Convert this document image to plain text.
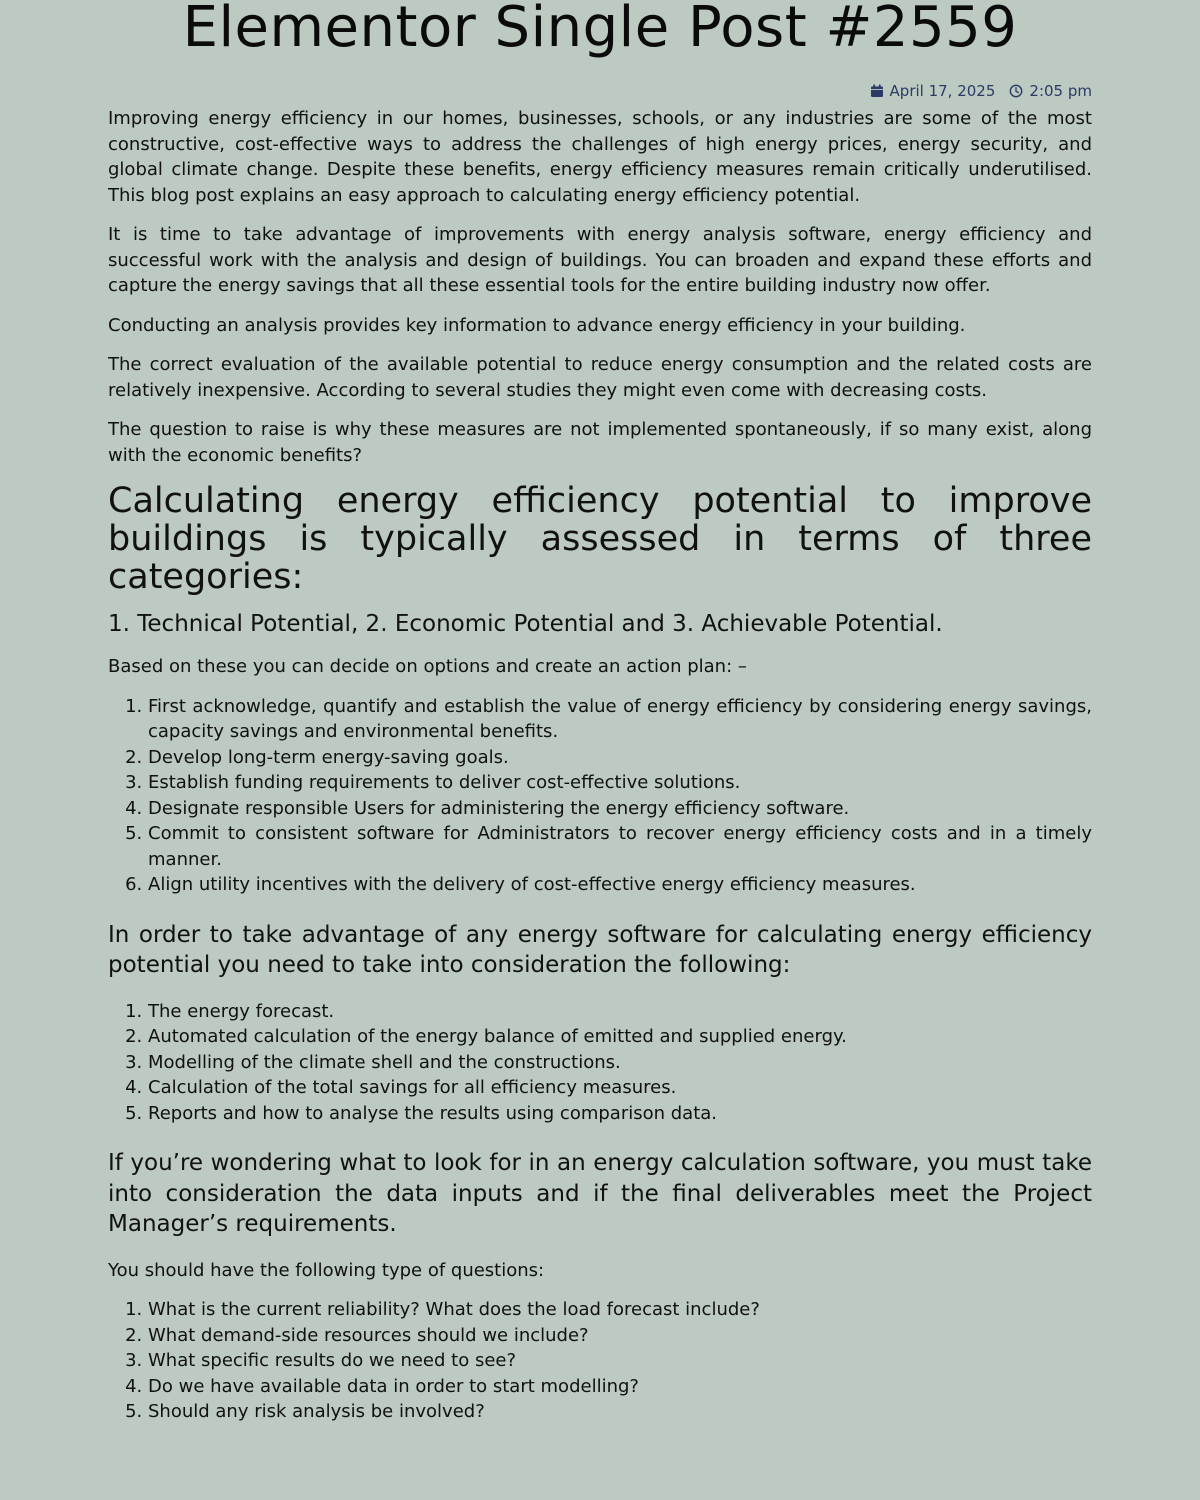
Elementor Single Post #2559
April 17, 2025 2:05 pm

Improving energy efficiency in our homes, businesses, schools, or any industries are some of the most constructive, cost-effective ways to address the challenges of high energy prices, energy security, and global climate change. Despite these benefits, energy efficiency measures remain critically underutilised. This blog post explains an easy approach to calculating energy efficiency potential.

It is time to take advantage of improvements with energy analysis software, energy efficiency and successful work with the analysis and design of buildings. You can broaden and expand these efforts and capture the energy savings that all these essential tools for the entire building industry now offer.

Conducting an analysis provides key information to advance energy efficiency in your building.

The correct evaluation of the available potential to reduce energy consumption and the related costs are relatively inexpensive. According to several studies they might even come with decreasing costs.

The question to raise is why these measures are not implemented spontaneously, if so many exist, along with the economic benefits?

Calculating energy efficiency potential to improve buildings is typically assessed in terms of three categories:
1. Technical Potential, 2. Economic Potential and 3. Achievable Potential.

Based on these you can decide on options and create an action plan: –

1. First acknowledge, quantify and establish the value of energy efficiency by considering energy savings, capacity savings and environmental benefits.
2. Develop long-term energy-saving goals.
3. Establish funding requirements to deliver cost-effective solutions.
4. Designate responsible Users for administering the energy efficiency software.
5. Commit to consistent software for Administrators to recover energy efficiency costs and in a timely manner.
6. Align utility incentives with the delivery of cost-effective energy efficiency measures.
In order to take advantage of any energy software for calculating energy efficiency potential you need to take into consideration the following:
1. The energy forecast.
2. Automated calculation of the energy balance of emitted and supplied energy.
3. Modelling of the climate shell and the constructions.
4. Calculation of the total savings for all efficiency measures.
5. Reports and how to analyse the results using comparison data.
If you’re wondering what to look for in an energy calculation software, you must take into consideration the data inputs and if the final deliverables meet the Project Manager’s requirements.

You should have the following type of questions:

1. What is the current reliability? What does the load forecast include?
2. What demand-side resources should we include?
3. What specific results do we need to see?
4. Do we have available data in order to start modelling?
5. Should any risk analysis be involved?
